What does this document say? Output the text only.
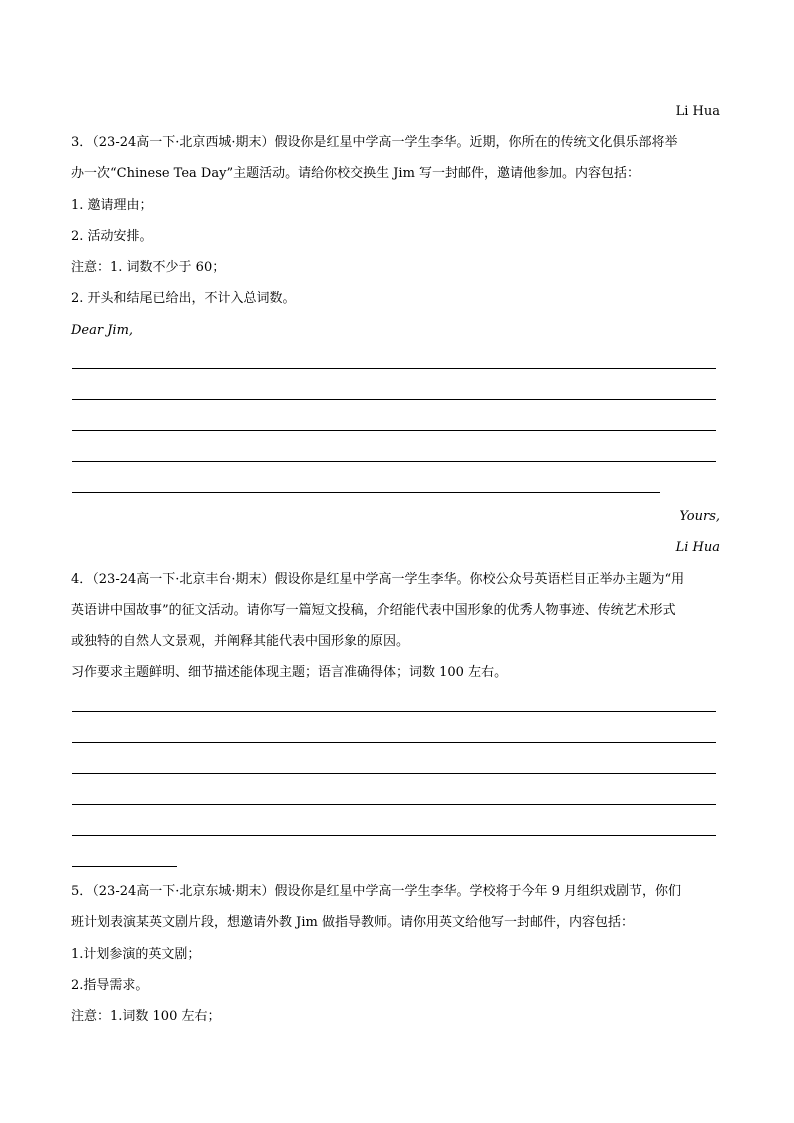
Li Hua
3．（23-24高一下·北京西城·期末）假设你是红星中学高一学生李华。近期，你所在的传统文化俱乐部将举
办一次“Chinese Tea Day”主题活动。请给你校交换生 Jim 写一封邮件，邀请他参加。内容包括：
1. 邀请理由；
2. 活动安排。
注意：1. 词数不少于 60；
2. 开头和结尾已给出，不计入总词数。
Dear Jim,
Yours,
Li Hua
4．（23-24高一下·北京丰台·期末）假设你是红星中学高一学生李华。你校公众号英语栏目正举办主题为“用
英语讲中国故事”的征文活动。请你写一篇短文投稿，介绍能代表中国形象的优秀人物事迹、传统艺术形式
或独特的自然人文景观，并阐释其能代表中国形象的原因。
习作要求主题鲜明、细节描述能体现主题；语言准确得体；词数 100 左右。
5．（23-24高一下·北京东城·期末）假设你是红星中学高一学生李华。学校将于今年 9 月组织戏剧节，你们
班计划表演某英文剧片段，想邀请外教 Jim 做指导教师。请你用英文给他写一封邮件，内容包括：
1.计划参演的英文剧；
2.指导需求。
注意：1.词数 100 左右；
